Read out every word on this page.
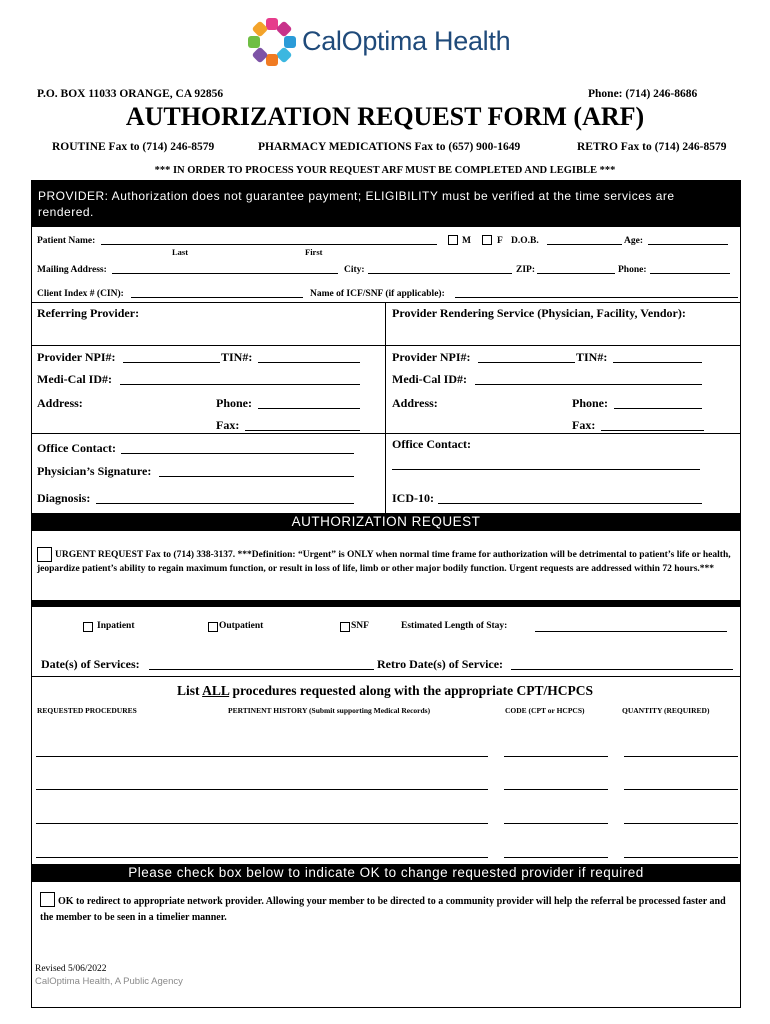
CalOptima Health
P.O. BOX 11033 ORANGE, CA 92856	Phone: (714) 246-8686
AUTHORIZATION REQUEST FORM (ARF)
ROUTINE Fax to (714) 246-8579	PHARMACY MEDICATIONS Fax to (657) 900-1649	RETRO Fax to (714) 246-8579
*** IN ORDER TO PROCESS YOUR REQUEST ARF MUST BE COMPLETED AND LEGIBLE ***
PROVIDER: Authorization does not guarantee payment; ELIGIBILITY must be verified at the time services are rendered.
Patient Name:
Last	First
M	F D.O.B.	Age:
Mailing Address:	City:	ZIP:	Phone:
Client Index # (CIN):	Name of ICF/SNF (if applicable):
Referring Provider:
Provider NPI#:	TIN#:
Medi-Cal ID#:
Address:	Phone:
Fax:
Office Contact:
Physician’s Signature:
Diagnosis:
Provider Rendering Service (Physician, Facility, Vendor):
Provider NPI#:	TIN#:
Medi-Cal ID#:
Address:	Phone:
Fax:
Office Contact:
ICD-10:
AUTHORIZATION REQUEST
URGENT REQUEST Fax to (714) 338-3137. ***Definition: “Urgent” is ONLY when normal time frame for authorization will be detrimental to patient’s life or health, jeopardize patient’s ability to regain maximum function, or result in loss of life, limb or other major bodily function. Urgent requests are addressed within 72 hours.***
Inpatient	Outpatient	SNF	Estimated Length of Stay:
Date(s) of Services:	Retro Date(s) of Service:
List ALL procedures requested along with the appropriate CPT/HCPCS
REQUESTED PROCEDURES	PERTINENT HISTORY (Submit supporting Medical Records)	CODE (CPT or HCPCS)	QUANTITY (REQUIRED)
Please check box below to indicate OK to change requested provider if required
OK to redirect to appropriate network provider. Allowing your member to be directed to a community provider will help the referral be processed faster and the member to be seen in a timelier manner.
Revised 5/06/2022
CalOptima Health, A Public Agency
